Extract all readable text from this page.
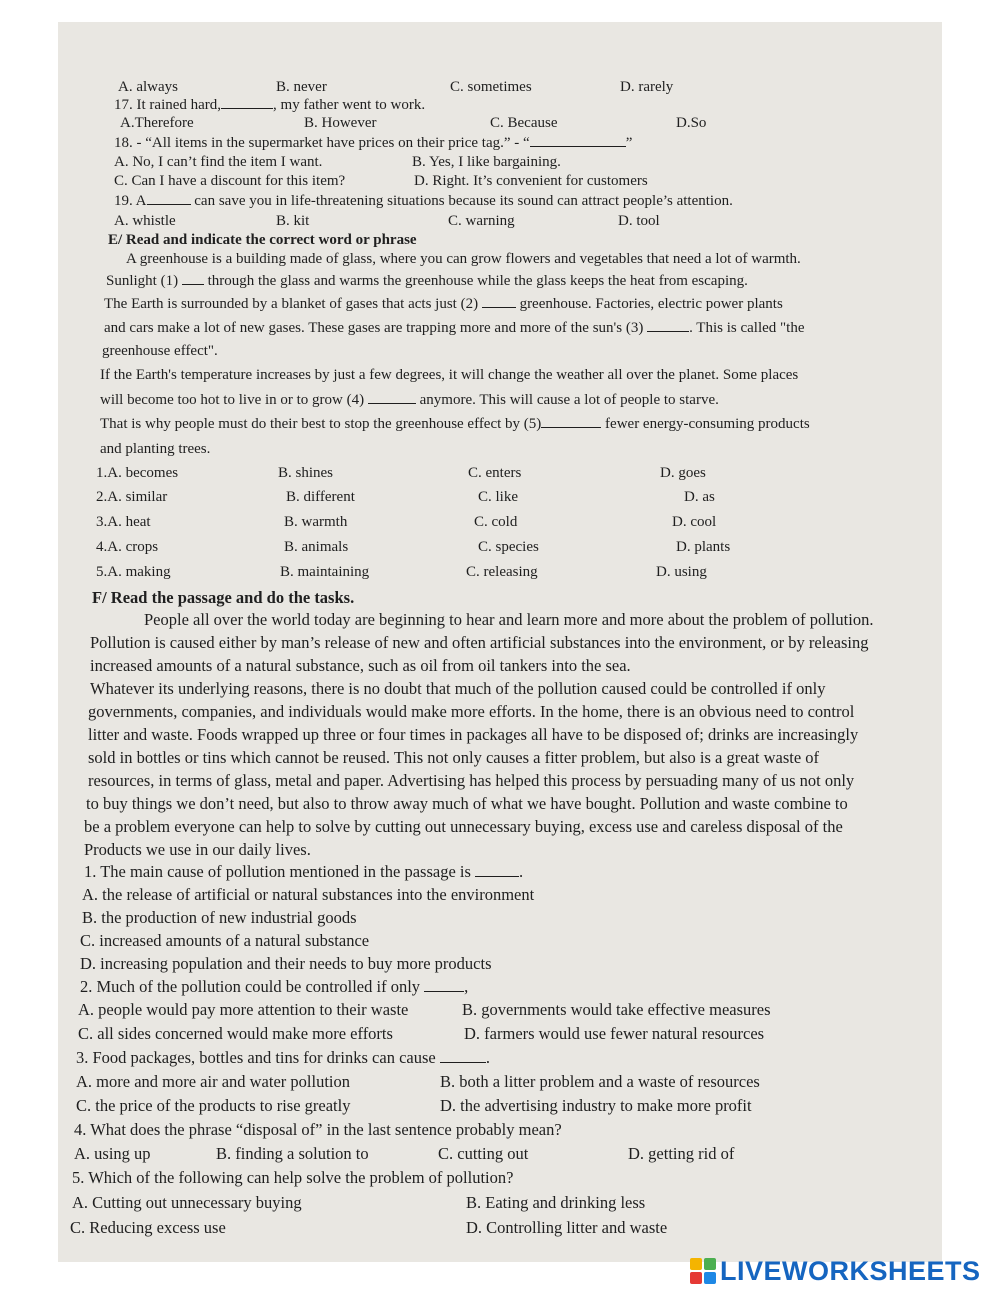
A. always	B. never	C. sometimes	D. rarely
17. It rained hard,	, my father went to work.
A.Therefore	B. However	C. Because	D.So
18. - “All items in the supermarket have prices on their price tag.” - “	”
A. No, I can’t find the item I want.	B. Yes, I like bargaining.
C. Can I have a discount for this item?	D. Right. It’s convenient for customers
19. A	can save you in life-threatening situations because its sound can attract people’s attention.
A. whistle	B. kit	C. warning	D. tool
E/ Read and indicate the correct word or phrase
A greenhouse is a building made of glass, where you can grow flowers and vegetables that need a lot of warmth.
Sunlight (1) through the glass and warms the greenhouse while the glass keeps the heat from escaping.
The Earth is surrounded by a blanket of gases that acts just (2)	greenhouse. Factories, electric power plants
and cars make a lot of new gases. These gases are trapping more and more of the sun's (3)	. This is called "the
greenhouse effect".
If the Earth's temperature increases by just a few degrees, it will change the weather all over the planet. Some places
will become too hot to live in or to grow (4)	anymore. This will cause a lot of people to starve.
That is why people must do their best to stop the greenhouse effect by (5)	fewer energy-consuming products
and planting trees.
1.A. becomes	B. shines	C. enters	D. goes
2.A. similar	B. different	C. like	D. as
3.A. heat	B. warmth	C. cold	D. cool
4.A. crops	B. animals	C. species	D. plants
5.A. making	B. maintaining	C. releasing	D. using
F/ Read the passage and do the tasks.
People all over the world today are beginning to hear and learn more and more about the problem of pollution.
Pollution is caused either by man’s release of new and often artificial substances into the environment, or by releasing
increased amounts of a natural substance, such as oil from oil tankers into the sea.
Whatever its underlying reasons, there is no doubt that much of the pollution caused could be controlled if only
governments, companies, and individuals would make more efforts. In the home, there is an obvious need to control
litter and waste. Foods wrapped up three or four times in packages all have to be disposed of; drinks are increasingly
sold in bottles or tins which cannot be reused. This not only causes a fitter problem, but also is a great waste of
resources, in terms of glass, metal and paper. Advertising has helped this process by persuading many of us not only
to buy things we don’t need, but also to throw away much of what we have bought. Pollution and waste combine to
be a problem everyone can help to solve by cutting out unnecessary buying, excess use and careless disposal of the
Products we use in our daily lives.
1. The main cause of pollution mentioned in the passage is	.
A. the release of artificial or natural substances into the environment
B. the production of new industrial goods
C. increased amounts of a natural substance
D. increasing population and their needs to buy more products
2. Much of the pollution could be controlled if only	,
A. people would pay more attention to their waste	B. governments would take effective measures
C. all sides concerned would make more efforts	D. farmers would use fewer natural resources
3. Food packages, bottles and tins for drinks can cause	.
A. more and more air and water pollution	B. both a litter problem and a waste of resources
C. the price of the products to rise greatly	D. the advertising industry to make more profit
4. What does the phrase “disposal of” in the last sentence probably mean?
A. using up	B. finding a solution to	C. cutting out	D. getting rid of
5. Which of the following can help solve the problem of pollution?
A. Cutting out unnecessary buying	B. Eating and drinking less
C. Reducing excess use	D. Controlling litter and waste
LIVEWORKSHEETS
